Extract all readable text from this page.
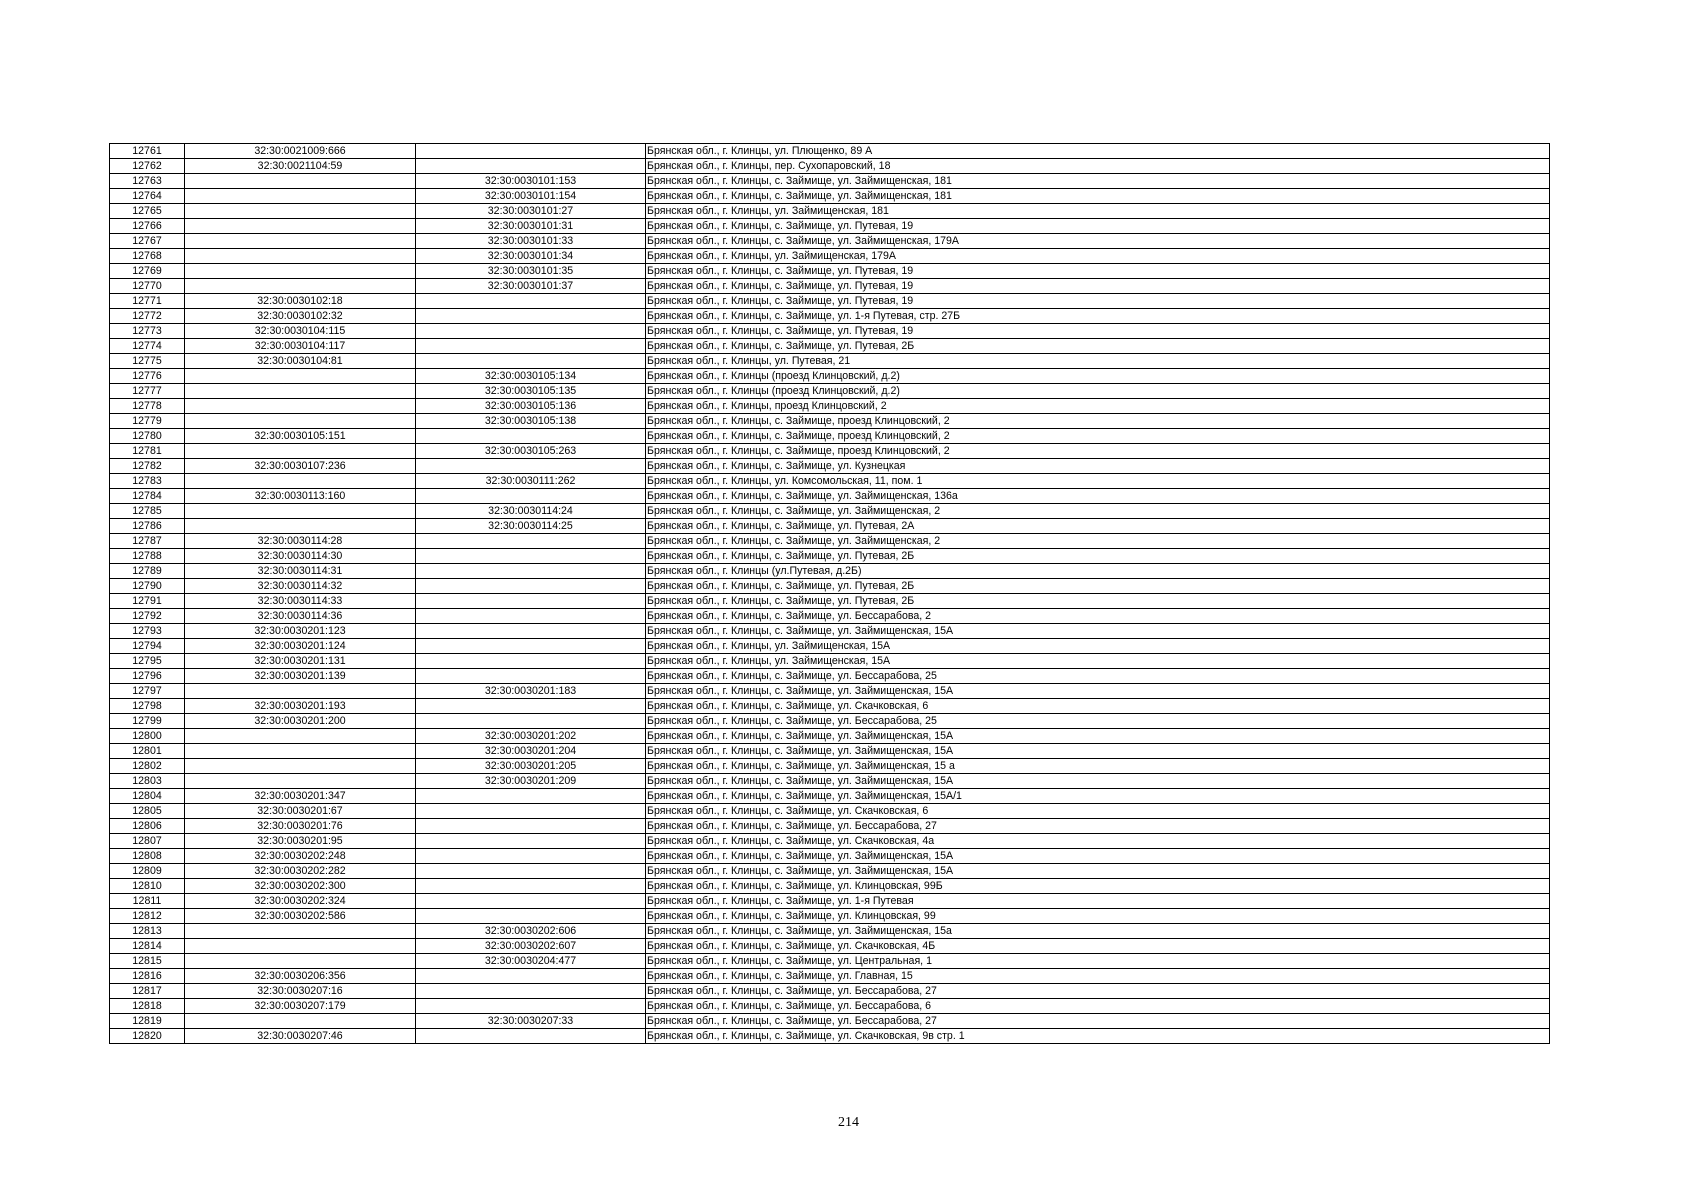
12761	32:30:0021009:666		Брянская обл., г. Клинцы, ул. Плющенко, 89 А
12762	32:30:0021104:59		Брянская обл., г. Клинцы, пер. Сухопаровский, 18
12763		32:30:0030101:153	Брянская обл., г. Клинцы, с. Займище, ул. Займищенская, 181
12764		32:30:0030101:154	Брянская обл., г. Клинцы, с. Займище, ул. Займищенская, 181
12765		32:30:0030101:27	Брянская обл., г. Клинцы, ул. Займищенская, 181
12766		32:30:0030101:31	Брянская обл., г. Клинцы, с. Займище, ул. Путевая, 19
12767		32:30:0030101:33	Брянская обл., г. Клинцы, с. Займище, ул. Займищенская, 179А
12768		32:30:0030101:34	Брянская обл., г. Клинцы, ул. Займищенская, 179А
12769		32:30:0030101:35	Брянская обл., г. Клинцы, с. Займище, ул. Путевая, 19
12770		32:30:0030101:37	Брянская обл., г. Клинцы, с. Займище, ул. Путевая, 19
12771	32:30:0030102:18		Брянская обл., г. Клинцы, с. Займище, ул. Путевая, 19
12772	32:30:0030102:32		Брянская обл., г. Клинцы, с. Займище, ул. 1-я Путевая, стр. 27Б
12773	32:30:0030104:115		Брянская обл., г. Клинцы, с. Займище, ул. Путевая, 19
12774	32:30:0030104:117		Брянская обл., г. Клинцы, с. Займище, ул. Путевая, 2Б
12775	32:30:0030104:81		Брянская обл., г. Клинцы, ул. Путевая, 21
12776		32:30:0030105:134	Брянская обл., г. Клинцы (проезд Клинцовский, д.2)
12777		32:30:0030105:135	Брянская обл., г. Клинцы (проезд Клинцовский, д.2)
12778		32:30:0030105:136	Брянская обл., г. Клинцы, проезд Клинцовский, 2
12779		32:30:0030105:138	Брянская обл., г. Клинцы, с. Займище, проезд Клинцовский, 2
12780	32:30:0030105:151		Брянская обл., г. Клинцы, с. Займище, проезд Клинцовский, 2
12781		32:30:0030105:263	Брянская обл., г. Клинцы, с. Займище, проезд Клинцовский, 2
12782	32:30:0030107:236		Брянская обл., г. Клинцы, с. Займище, ул. Кузнецкая
12783		32:30:0030111:262	Брянская обл., г. Клинцы, ул. Комсомольская, 11, пом. 1
12784	32:30:0030113:160		Брянская обл., г. Клинцы, с. Займище, ул. Займищенская, 136а
12785		32:30:0030114:24	Брянская обл., г. Клинцы, с. Займище, ул. Займищенская, 2
12786		32:30:0030114:25	Брянская обл., г. Клинцы, с. Займище, ул. Путевая, 2А
12787	32:30:0030114:28		Брянская обл., г. Клинцы, с. Займище, ул. Займищенская, 2
12788	32:30:0030114:30		Брянская обл., г. Клинцы, с. Займище, ул. Путевая, 2Б
12789	32:30:0030114:31		Брянская обл., г. Клинцы (ул.Путевая, д.2Б)
12790	32:30:0030114:32		Брянская обл., г. Клинцы, с. Займище, ул. Путевая, 2Б
12791	32:30:0030114:33		Брянская обл., г. Клинцы, с. Займище, ул. Путевая, 2Б
12792	32:30:0030114:36		Брянская обл., г. Клинцы, с. Займище, ул. Бессарабова, 2
12793	32:30:0030201:123		Брянская обл., г. Клинцы, с. Займище, ул. Займищенская, 15А
12794	32:30:0030201:124		Брянская обл., г. Клинцы, ул. Займищенская, 15А
12795	32:30:0030201:131		Брянская обл., г. Клинцы, ул. Займищенская, 15А
12796	32:30:0030201:139		Брянская обл., г. Клинцы, с. Займище, ул. Бессарабова, 25
12797		32:30:0030201:183	Брянская обл., г. Клинцы, с. Займище, ул. Займищенская, 15А
12798	32:30:0030201:193		Брянская обл., г. Клинцы, с. Займище, ул. Скачковская, 6
12799	32:30:0030201:200		Брянская обл., г. Клинцы, с. Займище, ул. Бессарабова, 25
12800		32:30:0030201:202	Брянская обл., г. Клинцы, с. Займище, ул. Займищенская, 15А
12801		32:30:0030201:204	Брянская обл., г. Клинцы, с. Займище, ул. Займищенская, 15А
12802		32:30:0030201:205	Брянская обл., г. Клинцы, с. Займище, ул. Займищенская, 15 а
12803		32:30:0030201:209	Брянская обл., г. Клинцы, с. Займище, ул. Займищенская, 15А
12804	32:30:0030201:347		Брянская обл., г. Клинцы, с. Займище, ул. Займищенская, 15А/1
12805	32:30:0030201:67		Брянская обл., г. Клинцы, с. Займище, ул. Скачковская, 6
12806	32:30:0030201:76		Брянская обл., г. Клинцы, с. Займище, ул. Бессарабова, 27
12807	32:30:0030201:95		Брянская обл., г. Клинцы, с. Займище, ул. Скачковская, 4а
12808	32:30:0030202:248		Брянская обл., г. Клинцы, с. Займище, ул. Займищенская, 15А
12809	32:30:0030202:282		Брянская обл., г. Клинцы, с. Займище, ул. Займищенская, 15А
12810	32:30:0030202:300		Брянская обл., г. Клинцы, с. Займище, ул. Клинцовская, 99Б
12811	32:30:0030202:324		Брянская обл., г. Клинцы, с. Займище, ул. 1-я Путевая
12812	32:30:0030202:586		Брянская обл., г. Клинцы, с. Займище, ул. Клинцовская, 99
12813		32:30:0030202:606	Брянская обл., г. Клинцы, с. Займище, ул. Займищенская, 15а
12814		32:30:0030202:607	Брянская обл., г. Клинцы, с. Займище, ул. Скачковская, 4Б
12815		32:30:0030204:477	Брянская обл., г. Клинцы, с. Займище, ул. Центральная, 1
12816	32:30:0030206:356		Брянская обл., г. Клинцы, с. Займище, ул. Главная, 15
12817	32:30:0030207:16		Брянская обл., г. Клинцы, с. Займище, ул. Бессарабова, 27
12818	32:30:0030207:179		Брянская обл., г. Клинцы, с. Займище, ул. Бессарабова, 6
12819		32:30:0030207:33	Брянская обл., г. Клинцы, с. Займище, ул. Бессарабова, 27
12820	32:30:0030207:46		Брянская обл., г. Клинцы, с. Займище, ул. Скачковская, 9в стр. 1
214
